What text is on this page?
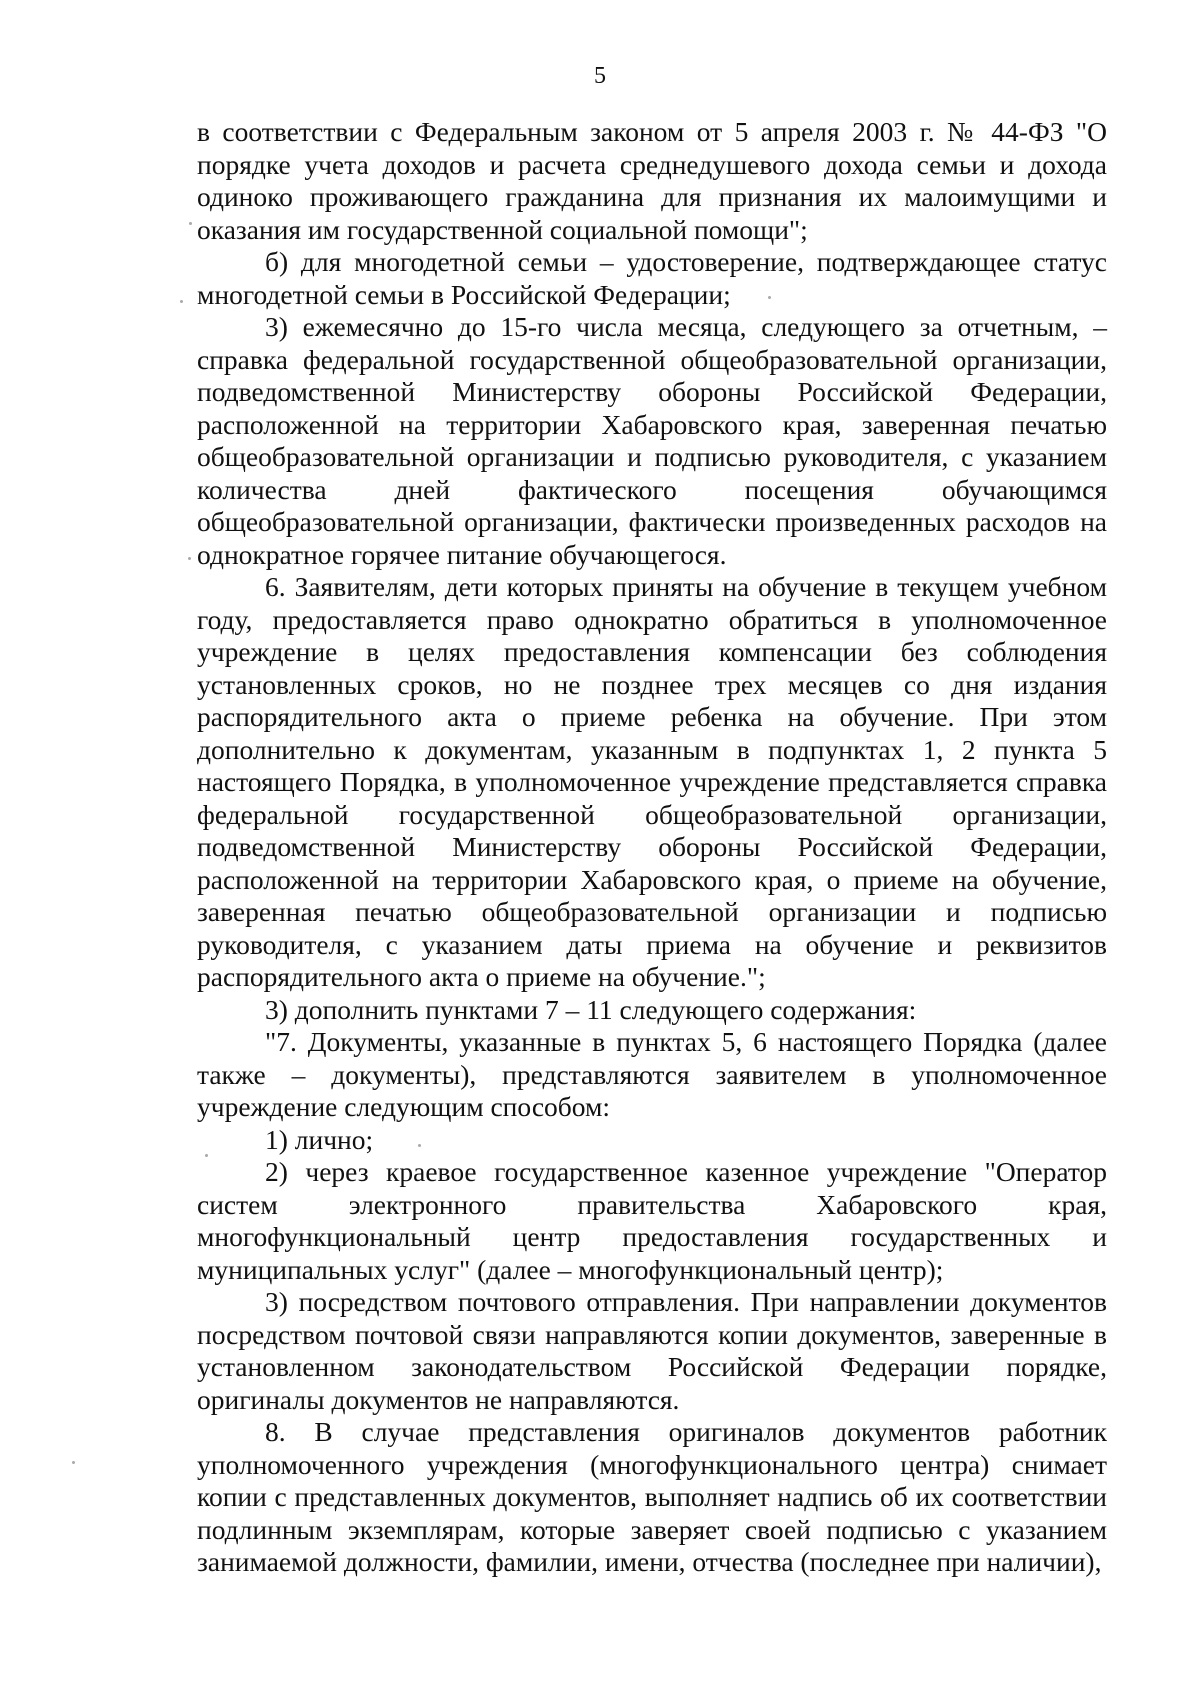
5

в соответствии с Федеральным законом от 5 апреля 2003 г. № 44-ФЗ "О порядке учета доходов и расчета среднедушевого дохода семьи и дохода одиноко проживающего гражданина для признания их малоимущими и оказания им государственной социальной помощи";

б) для многодетной семьи – удостоверение, подтверждающее статус многодетной семьи в Российской Федерации;

3) ежемесячно до 15-го числа месяца, следующего за отчетным, – справка федеральной государственной общеобразовательной организации, подведомственной Министерству обороны Российской Федерации, расположенной на территории Хабаровского края, заверенная печатью общеобразовательной организации и подписью руководителя, с указанием количества дней фактического посещения обучающимся общеобразовательной организации, фактически произведенных расходов на однократное горячее питание обучающегося.

6. Заявителям, дети которых приняты на обучение в текущем учебном году, предоставляется право однократно обратиться в уполномоченное учреждение в целях предоставления компенсации без соблюдения установленных сроков, но не позднее трех месяцев со дня издания распорядительного акта о приеме ребенка на обучение. При этом дополнительно к документам, указанным в подпунктах 1, 2 пункта 5 настоящего Порядка, в уполномоченное учреждение представляется справка федеральной государственной общеобразовательной организации, подведомственной Министерству обороны Российской Федерации, расположенной на территории Хабаровского края, о приеме на обучение, заверенная печатью общеобразовательной организации и подписью руководителя, с указанием даты приема на обучение и реквизитов распорядительного акта о приеме на обучение.";

3) дополнить пунктами 7 – 11 следующего содержания:

"7. Документы, указанные в пунктах 5, 6 настоящего Порядка (далее также – документы), представляются заявителем в уполномоченное учреждение следующим способом:

1) лично;

2) через краевое государственное казенное учреждение "Оператор систем электронного правительства Хабаровского края, многофункциональный центр предоставления государственных и муниципальных услуг" (далее – многофункциональный центр);

3) посредством почтового отправления. При направлении документов посредством почтовой связи направляются копии документов, заверенные в установленном законодательством Российской Федерации порядке, оригиналы документов не направляются.

8. В случае представления оригиналов документов работник уполномоченного учреждения (многофункционального центра) снимает копии с представленных документов, выполняет надпись об их соответствии подлинным экземплярам, которые заверяет своей подписью с указанием занимаемой должности, фамилии, имени, отчества (последнее при наличии),
